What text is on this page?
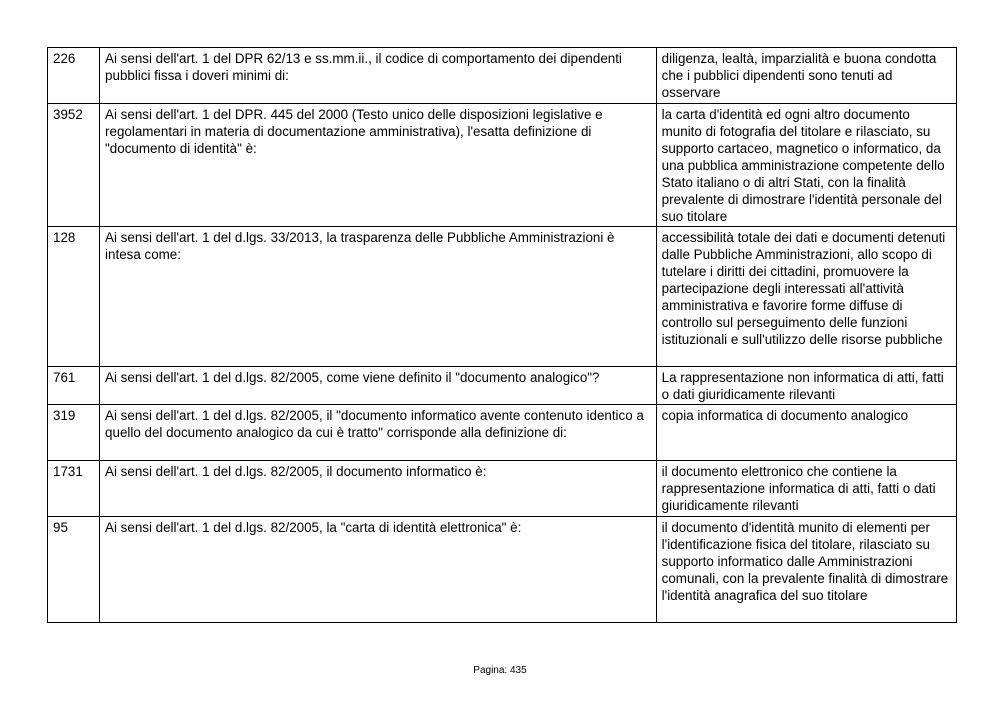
226	Ai sensi dell'art. 1 del DPR 62/13 e ss.mm.ii., il codice di comportamento dei dipendenti pubblici fissa i doveri minimi di:	diligenza, lealtà, imparzialità e buona condotta che i pubblici dipendenti sono tenuti ad osservare
3952	Ai sensi dell'art. 1 del DPR. 445 del 2000 (Testo unico delle disposizioni legislative e regolamentari in materia di documentazione amministrativa), l'esatta definizione di "documento di identità" è:	la carta d'identità ed ogni altro documento munito di fotografia del titolare e rilasciato, su supporto cartaceo, magnetico o informatico, da una pubblica amministrazione competente dello Stato italiano o di altri Stati, con la finalità prevalente di dimostrare l'identità personale del suo titolare
128	Ai sensi dell'art. 1 del d.lgs. 33/2013, la trasparenza delle Pubbliche Amministrazioni è intesa come:	accessibilità totale dei dati e documenti detenuti dalle Pubbliche Amministrazioni, allo scopo di tutelare i diritti dei cittadini, promuovere la partecipazione degli interessati all'attività amministrativa e favorire forme diffuse di controllo sul perseguimento delle funzioni istituzionali e sull'utilizzo delle risorse pubbliche
761	Ai sensi dell'art. 1 del d.lgs. 82/2005, come viene definito il "documento analogico"?	La rappresentazione non informatica di atti, fatti o dati giuridicamente rilevanti
319	Ai sensi dell'art. 1 del d.lgs. 82/2005, il "documento informatico avente contenuto identico a quello del documento analogico da cui è tratto" corrisponde alla definizione di:	copia informatica di documento analogico
1731	Ai sensi dell'art. 1 del d.lgs. 82/2005, il documento informatico è:	il documento elettronico che contiene la rappresentazione informatica di atti, fatti o dati giuridicamente rilevanti
95	Ai sensi dell'art. 1 del d.lgs. 82/2005, la "carta di identità elettronica" è:	il documento d'identità munito di elementi per l'identificazione fisica del titolare, rilasciato su supporto informatico dalle Amministrazioni comunali, con la prevalente finalità di dimostrare l'identità anagrafica del suo titolare
Pagina: 435
